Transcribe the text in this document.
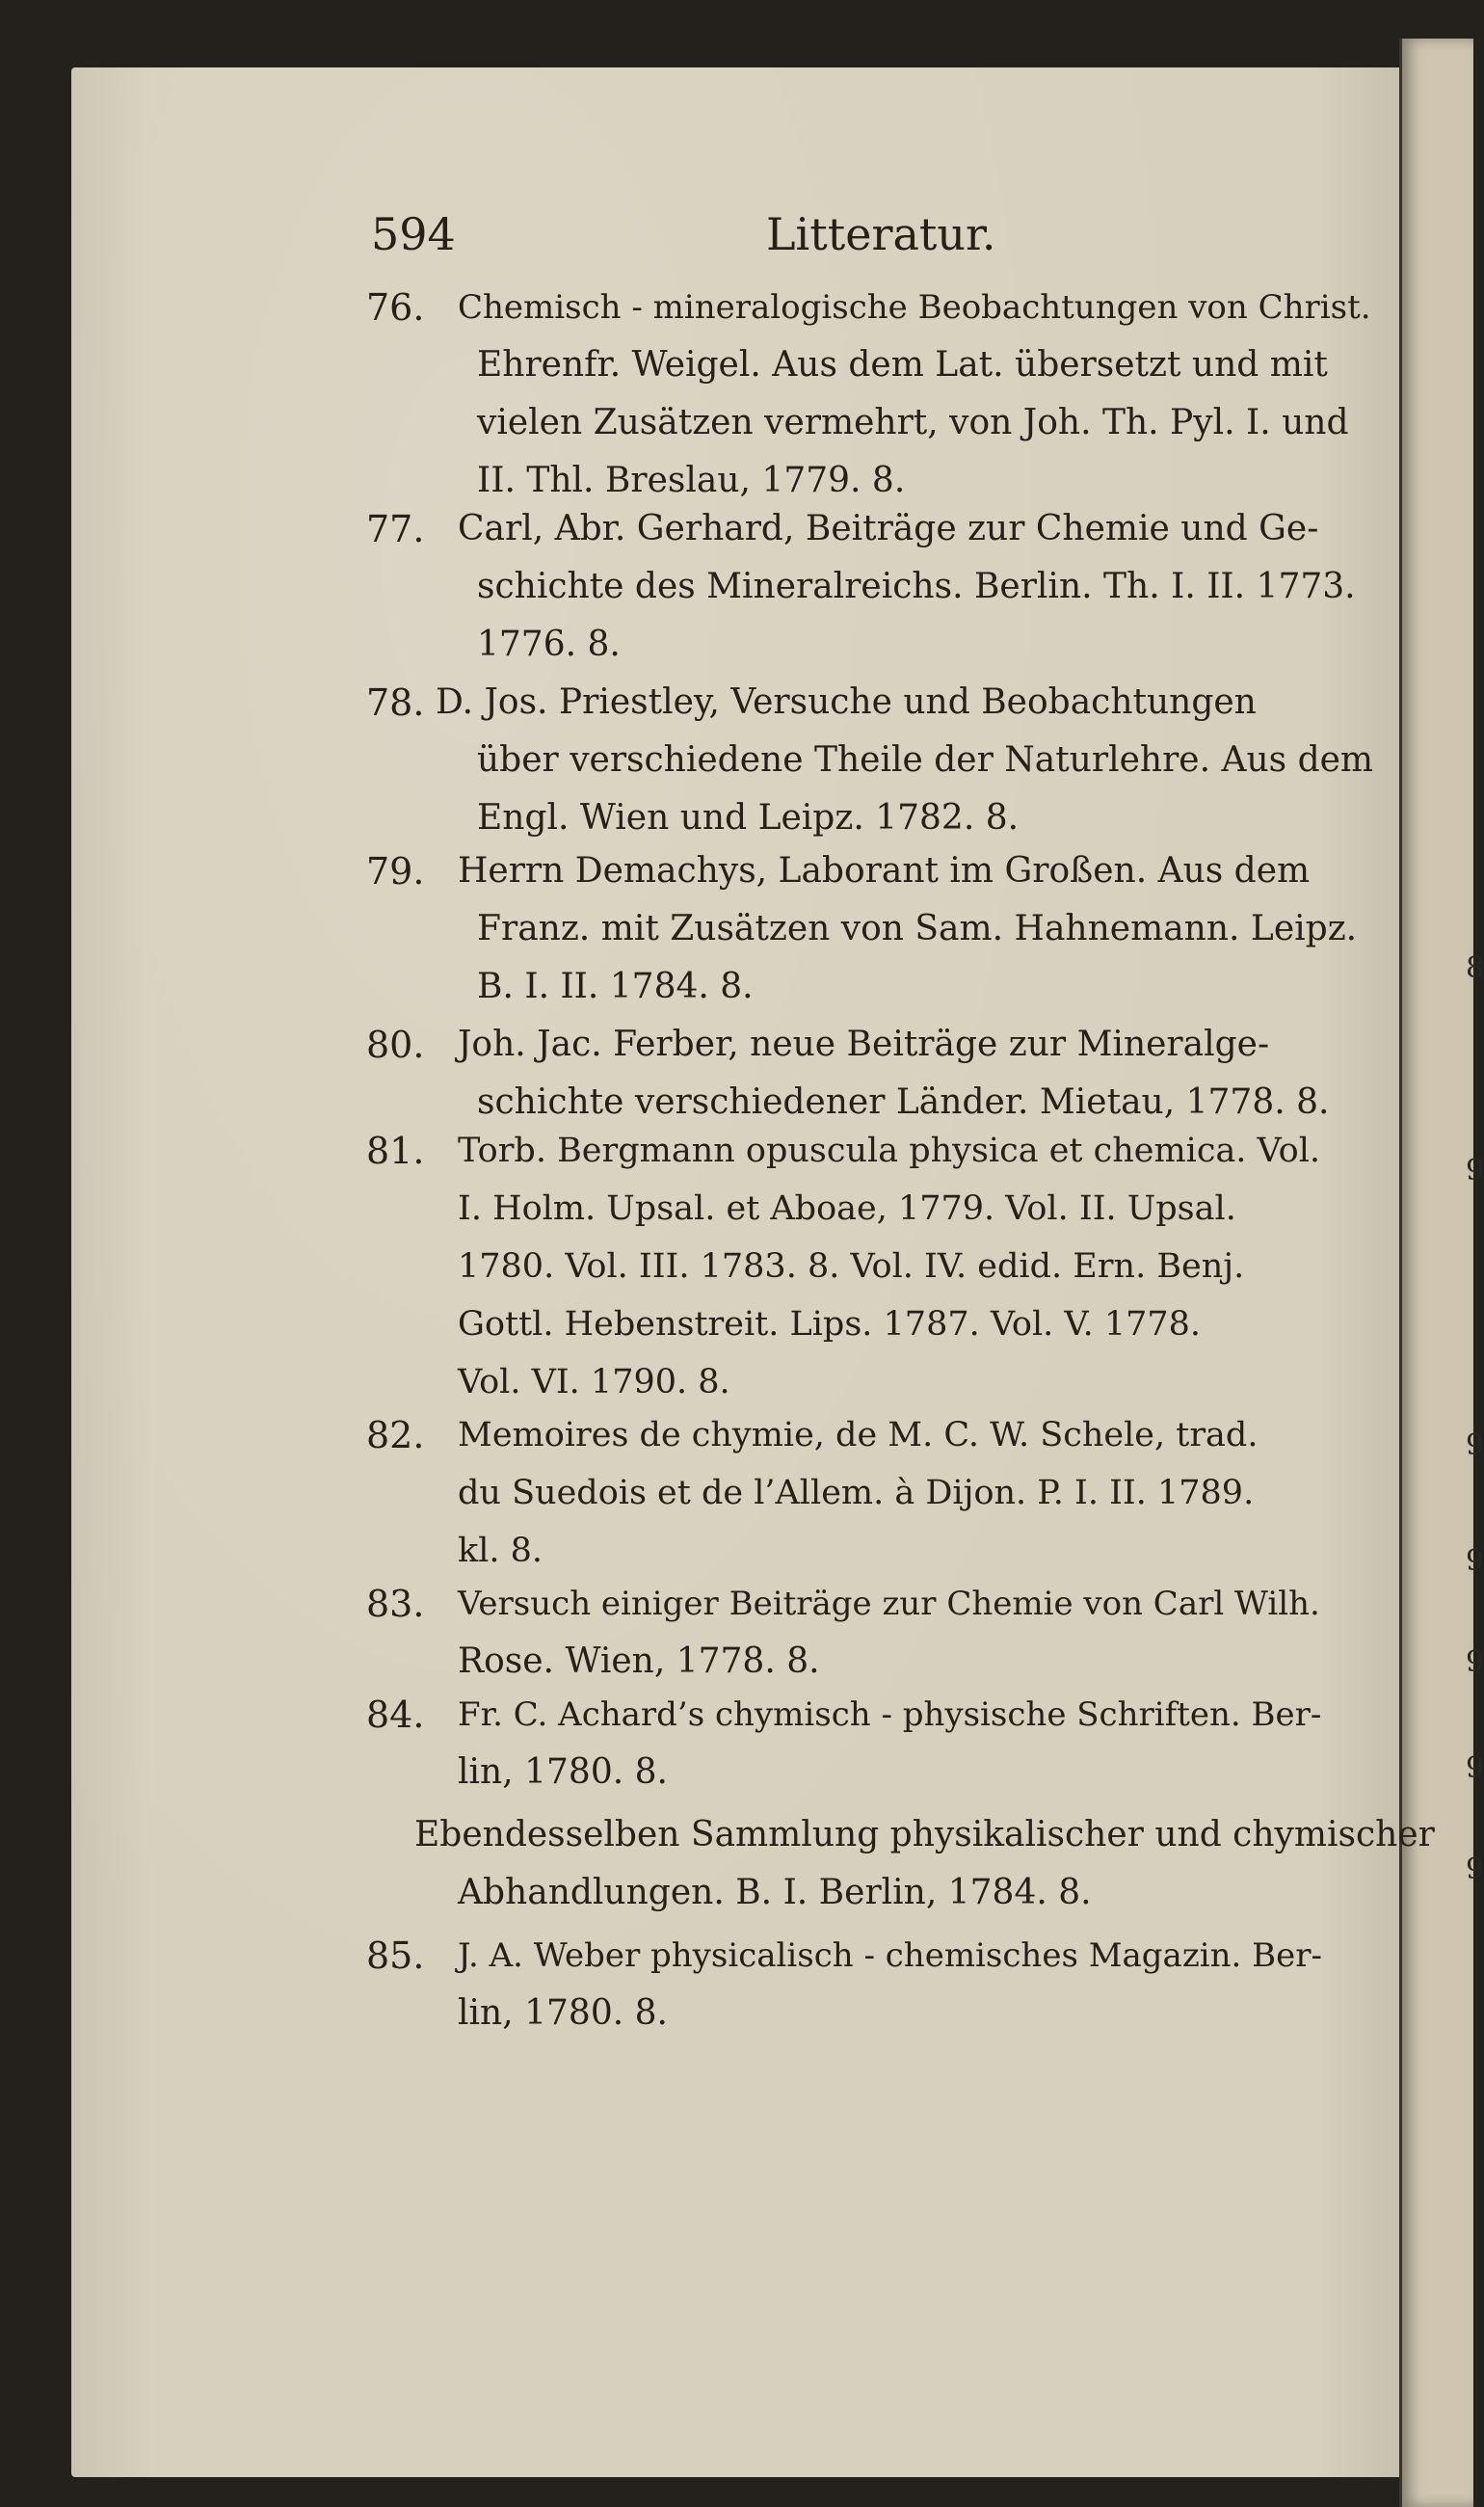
8
9
9
9
9
9
9
594	Litteratur.
76. Chemisch - mineralogische Beobachtungen von Christ.
Ehrenfr. Weigel. Aus dem Lat. übersetzt und mit
vielen Zusätzen vermehrt, von Joh. Th. Pyl. I. und
II. Thl. Breslau, 1779. 8.
77. Carl, Abr. Gerhard, Beiträge zur Chemie und Ge-
schichte des Mineralreichs. Berlin. Th. I. II. 1773.
1776. 8.
78. D. Jos. Priestley, Versuche und Beobachtungen
über verschiedene Theile der Naturlehre. Aus dem
Engl. Wien und Leipz. 1782. 8.
79. Herrn Demachys, Laborant im Großen. Aus dem
Franz. mit Zusätzen von Sam. Hahnemann. Leipz.
B. I. II. 1784. 8.
80. Joh. Jac. Ferber, neue Beiträge zur Mineralge-
schichte verschiedener Länder. Mietau, 1778. 8.
81. Torb. Bergmann opuscula physica et chemica. Vol.
I. Holm. Upsal. et Aboae, 1779. Vol. II. Upsal.
1780. Vol. III. 1783. 8. Vol. IV. edid. Ern. Benj.
Gottl. Hebenstreit. Lips. 1787. Vol. V. 1778.
Vol. VI. 1790. 8.
82. Memoires de chymie, de M. C. W. Schele, trad.
du Suedois et de l’Allem. à Dijon. P. I. II. 1789.
kl. 8.
83. Versuch einiger Beiträge zur Chemie von Carl Wilh.
Rose. Wien, 1778. 8.
84. Fr. C. Achard’s chymisch - physische Schriften. Ber-
lin, 1780. 8.
Ebendesselben Sammlung physikalischer und chymischer
Abhandlungen. B. I. Berlin, 1784. 8.
85. J. A. Weber physicalisch - chemisches Magazin. Ber-
lin, 1780. 8.
